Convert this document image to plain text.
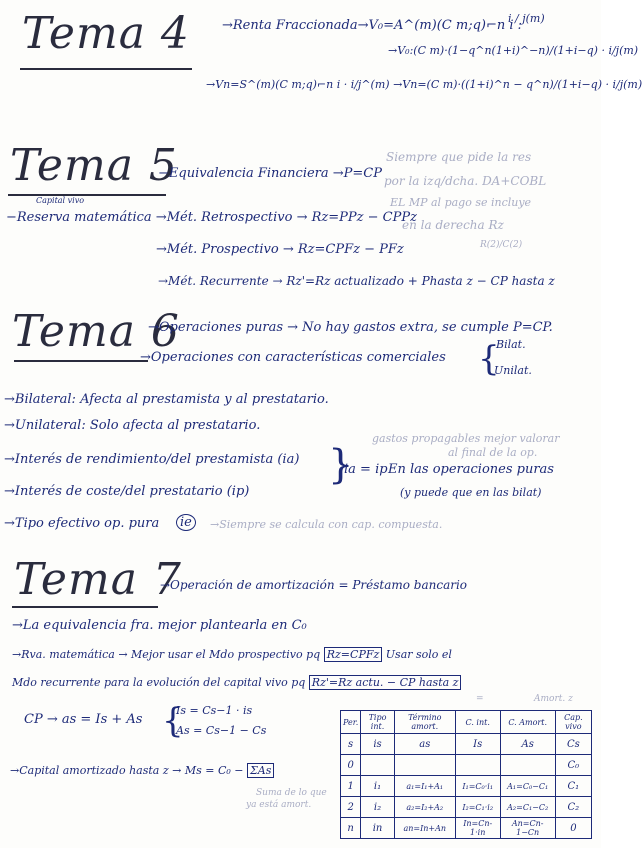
Tema 4 →Renta Fraccionada→V₀=A^(m)(C m;q)⌐n i :
i / j(m)
→V₀:(C m)·(1−q^n(1+i)^−n)/(1+i−q) · i/j(m)
→Vn=S^(m)(C m;q)⌐n i · i/j^(m) →Vn=(C m)·((1+i)^n − q^n)/(1+i−q) · i/j(m)
Tema 5
Capital vivo
−Equivalencia Financiera →P=CP
Siempre que pide la res
por la izq/dcha. DA+COBL
EL MP al pago se incluye
en la derecha Rz
R(2)/C(2)
−Reserva matemática →Mét. Retrospectivo → Rz=PPz − CPPz
→Mét. Prospectivo → Rz=CPFz − PFz
→Mét. Recurrente → Rz'=Rz actualizado + Phasta z − CP hasta z
Tema 6
→Operaciones puras → No hay gastos extra, se cumple P=CP.
→Operaciones con características comerciales {
Bilat.
Unilat.
→Bilateral: Afecta al prestamista y al prestatario.
→Unilateral: Solo afecta al prestatario.
gastos propagables mejor valorar
al final de la op.
→Interés de rendimiento/del prestamista (ia)
→Interés de coste/del prestatario (ip)
}
ia = ip En las operaciones puras
(y puede que en las bilat)
→Tipo efectivo op. pura	ie	→Siempre se calcula con cap. compuesta.
Tema 7
→Operación de amortización = Préstamo bancario
→La equivalencia fra. mejor plantearla en C₀
→Rva. matemática → Mejor usar el Mdo prospectivo pq Rz=CPFz Usar solo el
Mdo recurrente para la evolución del capital vivo pq Rz'=Rz actu. − CP hasta z
=	Amort. z
CP → as = Is + As {
Is = Cs−1 · is
As = Cs−1 − Cs
→Capital amortizado hasta z → Ms = C₀ − ΣAs
Suma de lo que
ya está amort.
Per.	Tipo int.	Término amort.	C. int.	C. Amort.	Cap. vivo
s	is	as	Is	As	Cs
0					C₀
1	i₁	a₁=I₁+A₁	I₁=C₀·i₁	A₁=C₀−C₁	C₁
2	i₂	a₂=I₂+A₂	I₂=C₁·i₂	A₂=C₁−C₂	C₂
n	in	an=In+An	In=Cn-1·in	An=Cn-1−Cn	0
